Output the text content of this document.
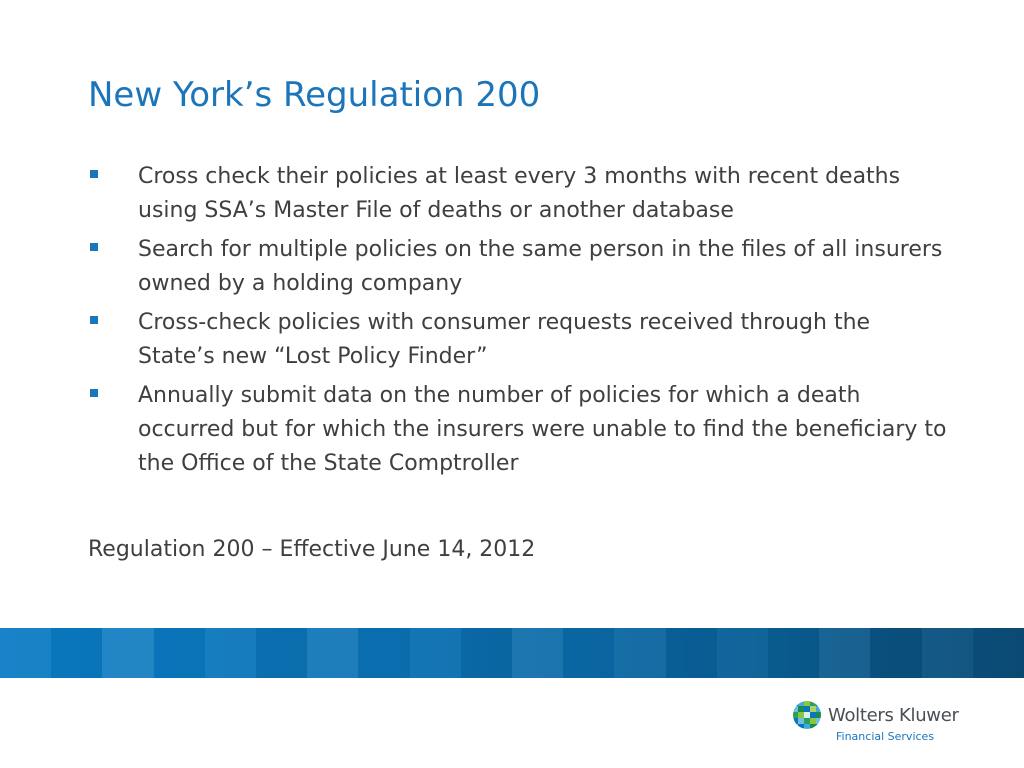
New York’s Regulation 200
Cross check their policies at least every 3 months with recent deaths using SSA’s Master File of deaths or another database
Search for multiple policies on the same person in the files of all insurers owned by a holding company
Cross-check policies with consumer requests received through the State’s new “Lost Policy Finder”
Annually submit data on the number of policies for which a death occurred but for which the insurers were unable to find the beneficiary to the Office of the State Comptroller

Regulation 200 – Effective June 14, 2012

Wolters Kluwer
Financial Services
